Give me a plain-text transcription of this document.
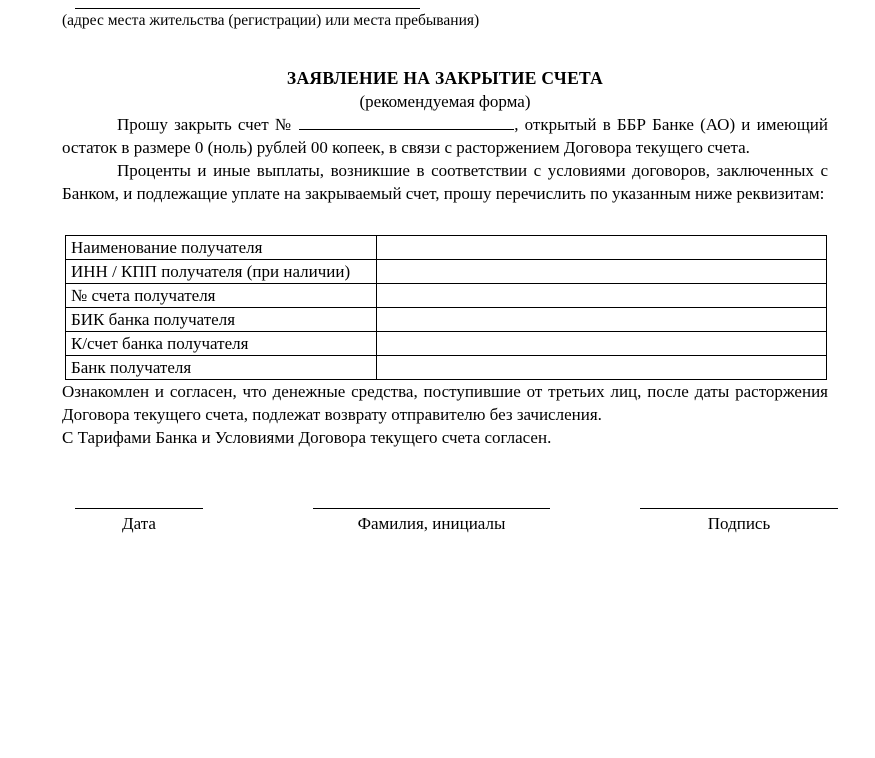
(адрес места жительства (регистрации) или места пребывания)
ЗАЯВЛЕНИЕ НА ЗАКРЫТИЕ СЧЕТА
(рекомендуемая форма)

Прошу закрыть счет №	, открытый в ББР Банке (АО) и имеющий остаток в размере 0 (ноль) рублей 00 копеек, в связи с расторжением Договора текущего счета.

Проценты и иные выплаты, возникшие в соответствии с условиями договоров, заключенных с Банком, и подлежащие уплате на закрываемый счет, прошу перечислить по указанным ниже реквизитам:

Наименование получателя	
ИНН / КПП получателя (при наличии)	
№ счета получателя	
БИК банка получателя	
К/счет банка получателя	
Банк получателя	

Ознакомлен и согласен, что денежные средства, поступившие от третьих лиц, после даты расторжения Договора текущего счета, подлежат возврату отправителю без зачисления.

С Тарифами Банка и Условиями Договора текущего счета согласен.

Дата	Фамилия, инициалы	Подпись
